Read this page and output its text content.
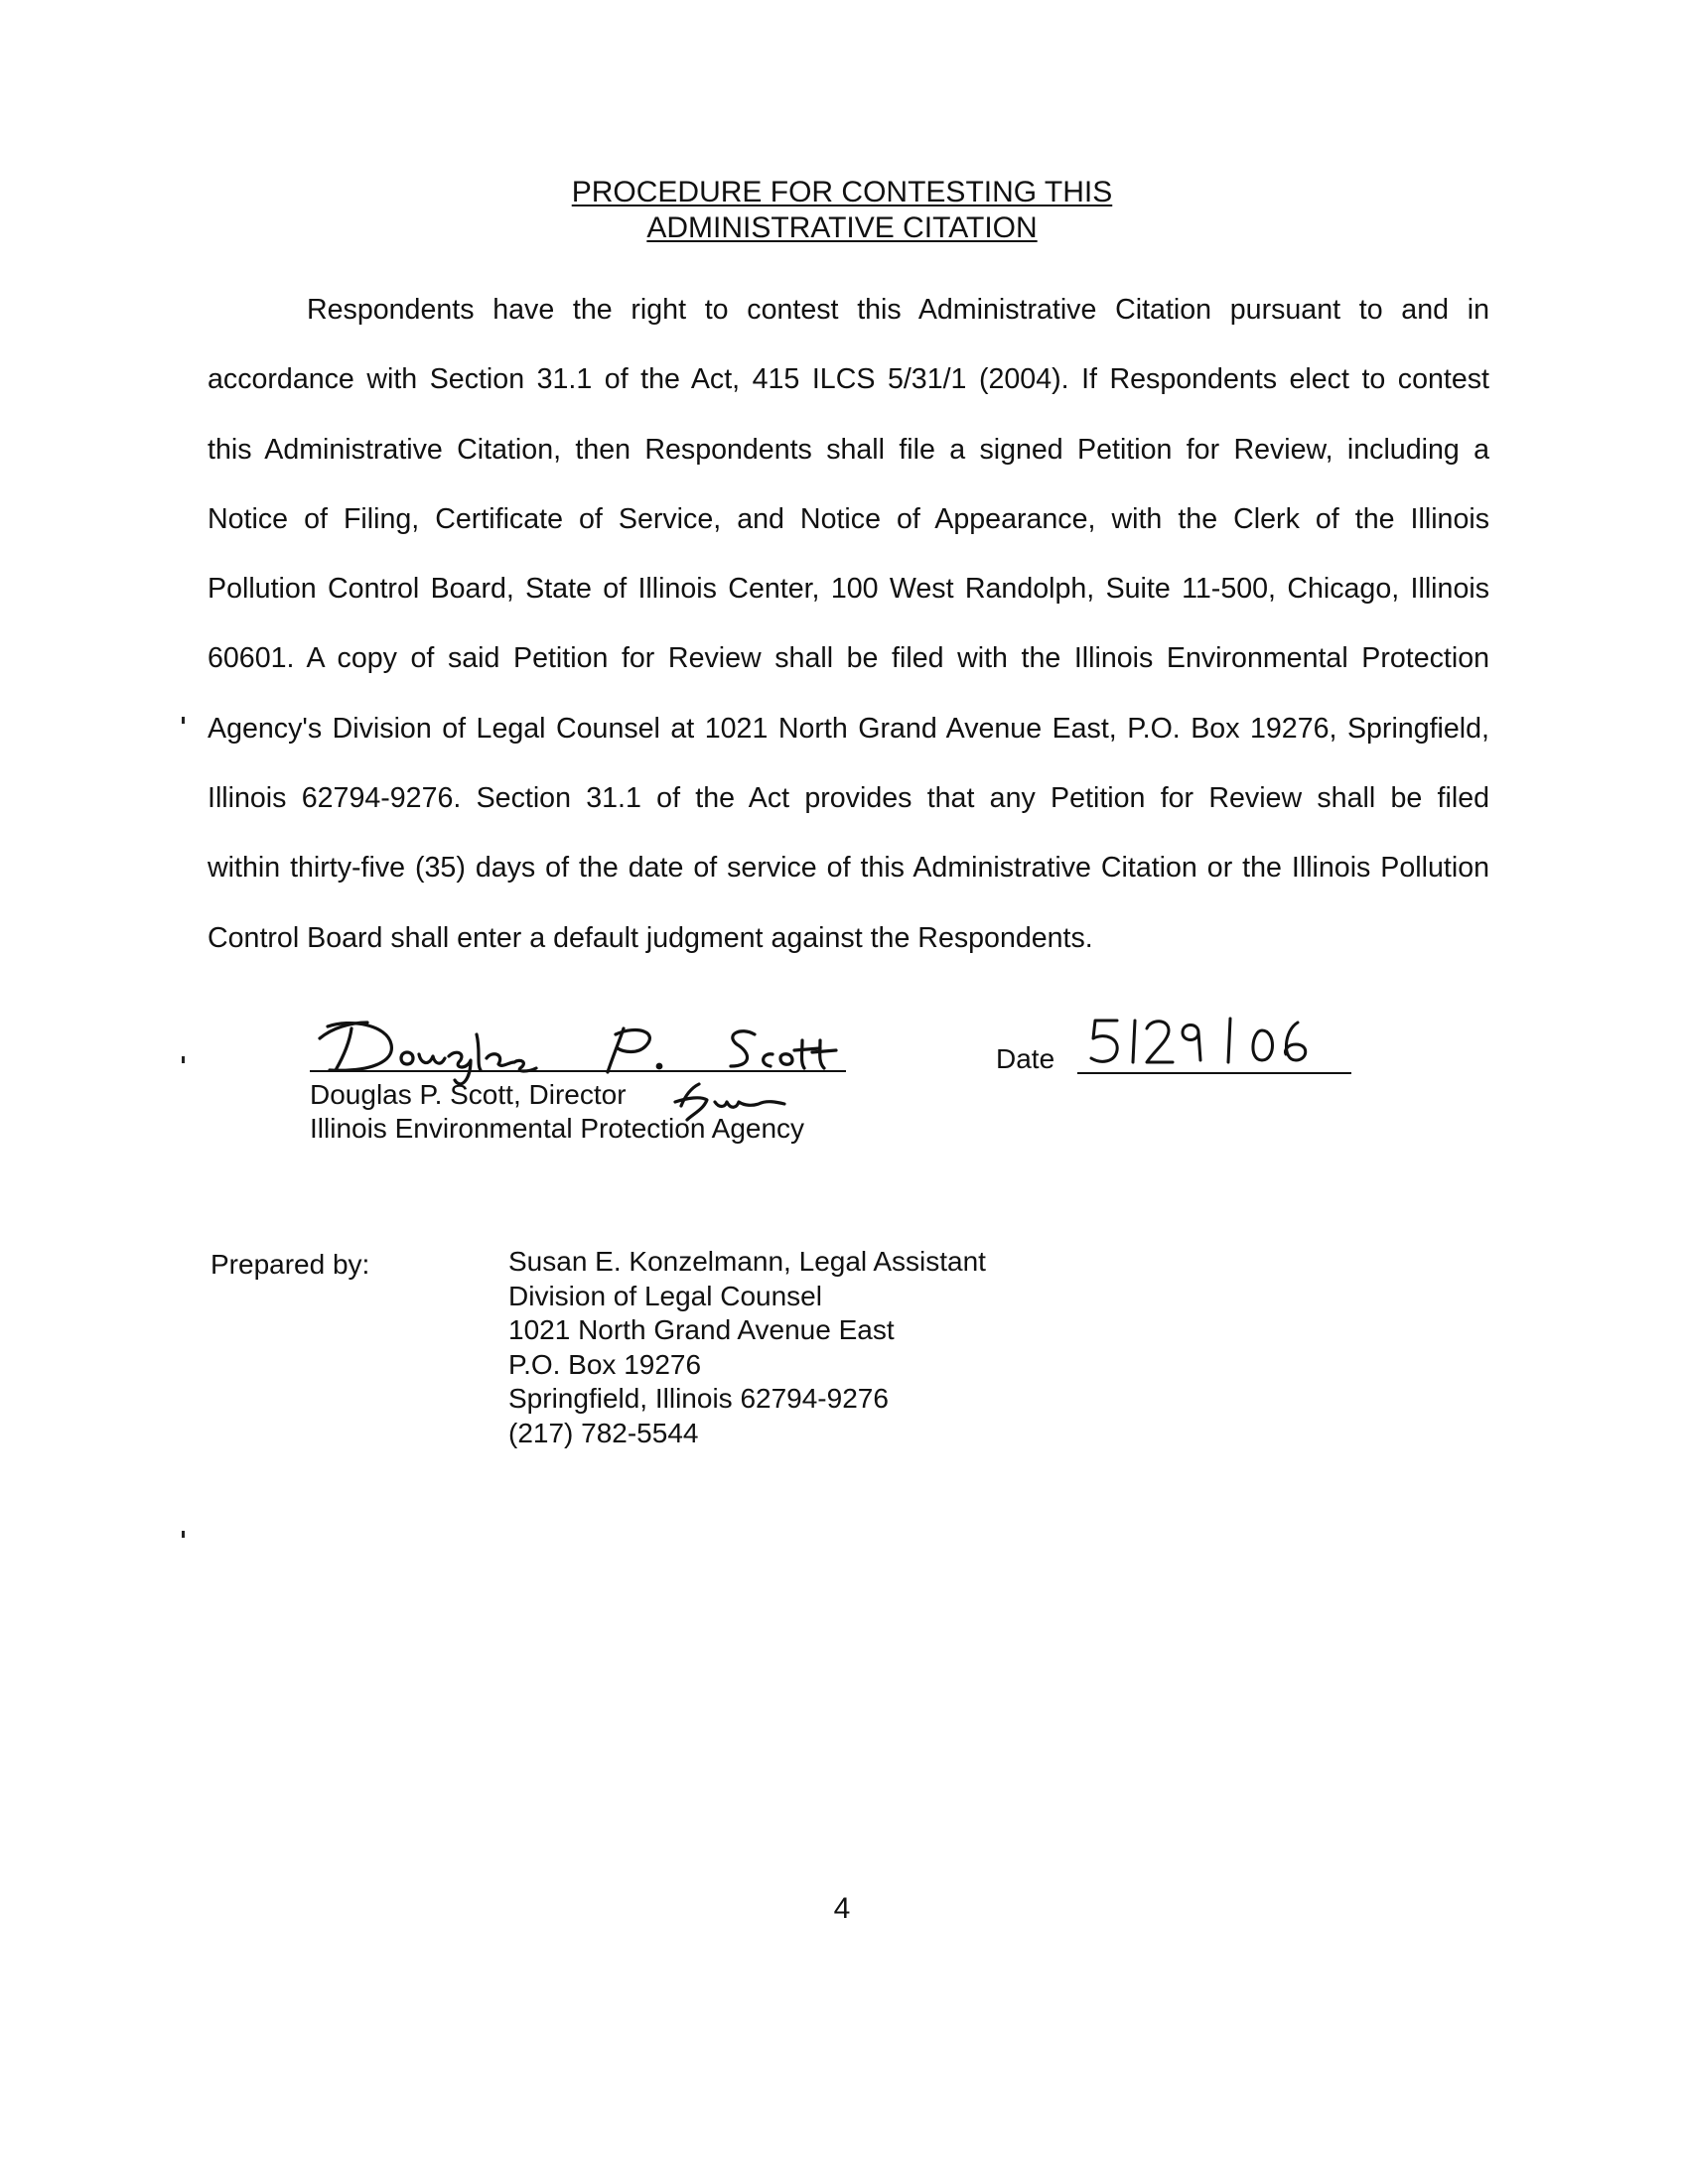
PROCEDURE FOR CONTESTING THIS
ADMINISTRATIVE CITATION
Respondents have the right to contest this Administrative Citation pursuant to and in
accordance with Section 31.1 of the Act, 415 ILCS 5/31/1 (2004). If Respondents elect to contest
this Administrative Citation, then Respondents shall file a signed Petition for Review, including a
Notice of Filing, Certificate of Service, and Notice of Appearance, with the Clerk of the Illinois
Pollution Control Board, State of Illinois Center, 100 West Randolph, Suite 11-500, Chicago, Illinois
60601. A copy of said Petition for Review shall be filed with the Illinois Environmental Protection
Agency's Division of Legal Counsel at 1021 North Grand Avenue East, P.O. Box 19276, Springfield,
Illinois 62794-9276. Section 31.1 of the Act provides that any Petition for Review shall be filed
within thirty-five (35) days of the date of service of this Administrative Citation or the Illinois Pollution
Control Board shall enter a default judgment against the Respondents.
Douglas P. Scott, Director
Illinois Environmental Protection Agency
Date
Prepared by:	Susan E. Konzelmann, Legal Assistant
Division of Legal Counsel
1021 North Grand Avenue East
P.O. Box 19276
Springfield, Illinois 62794-9276
(217) 782-5544
4
